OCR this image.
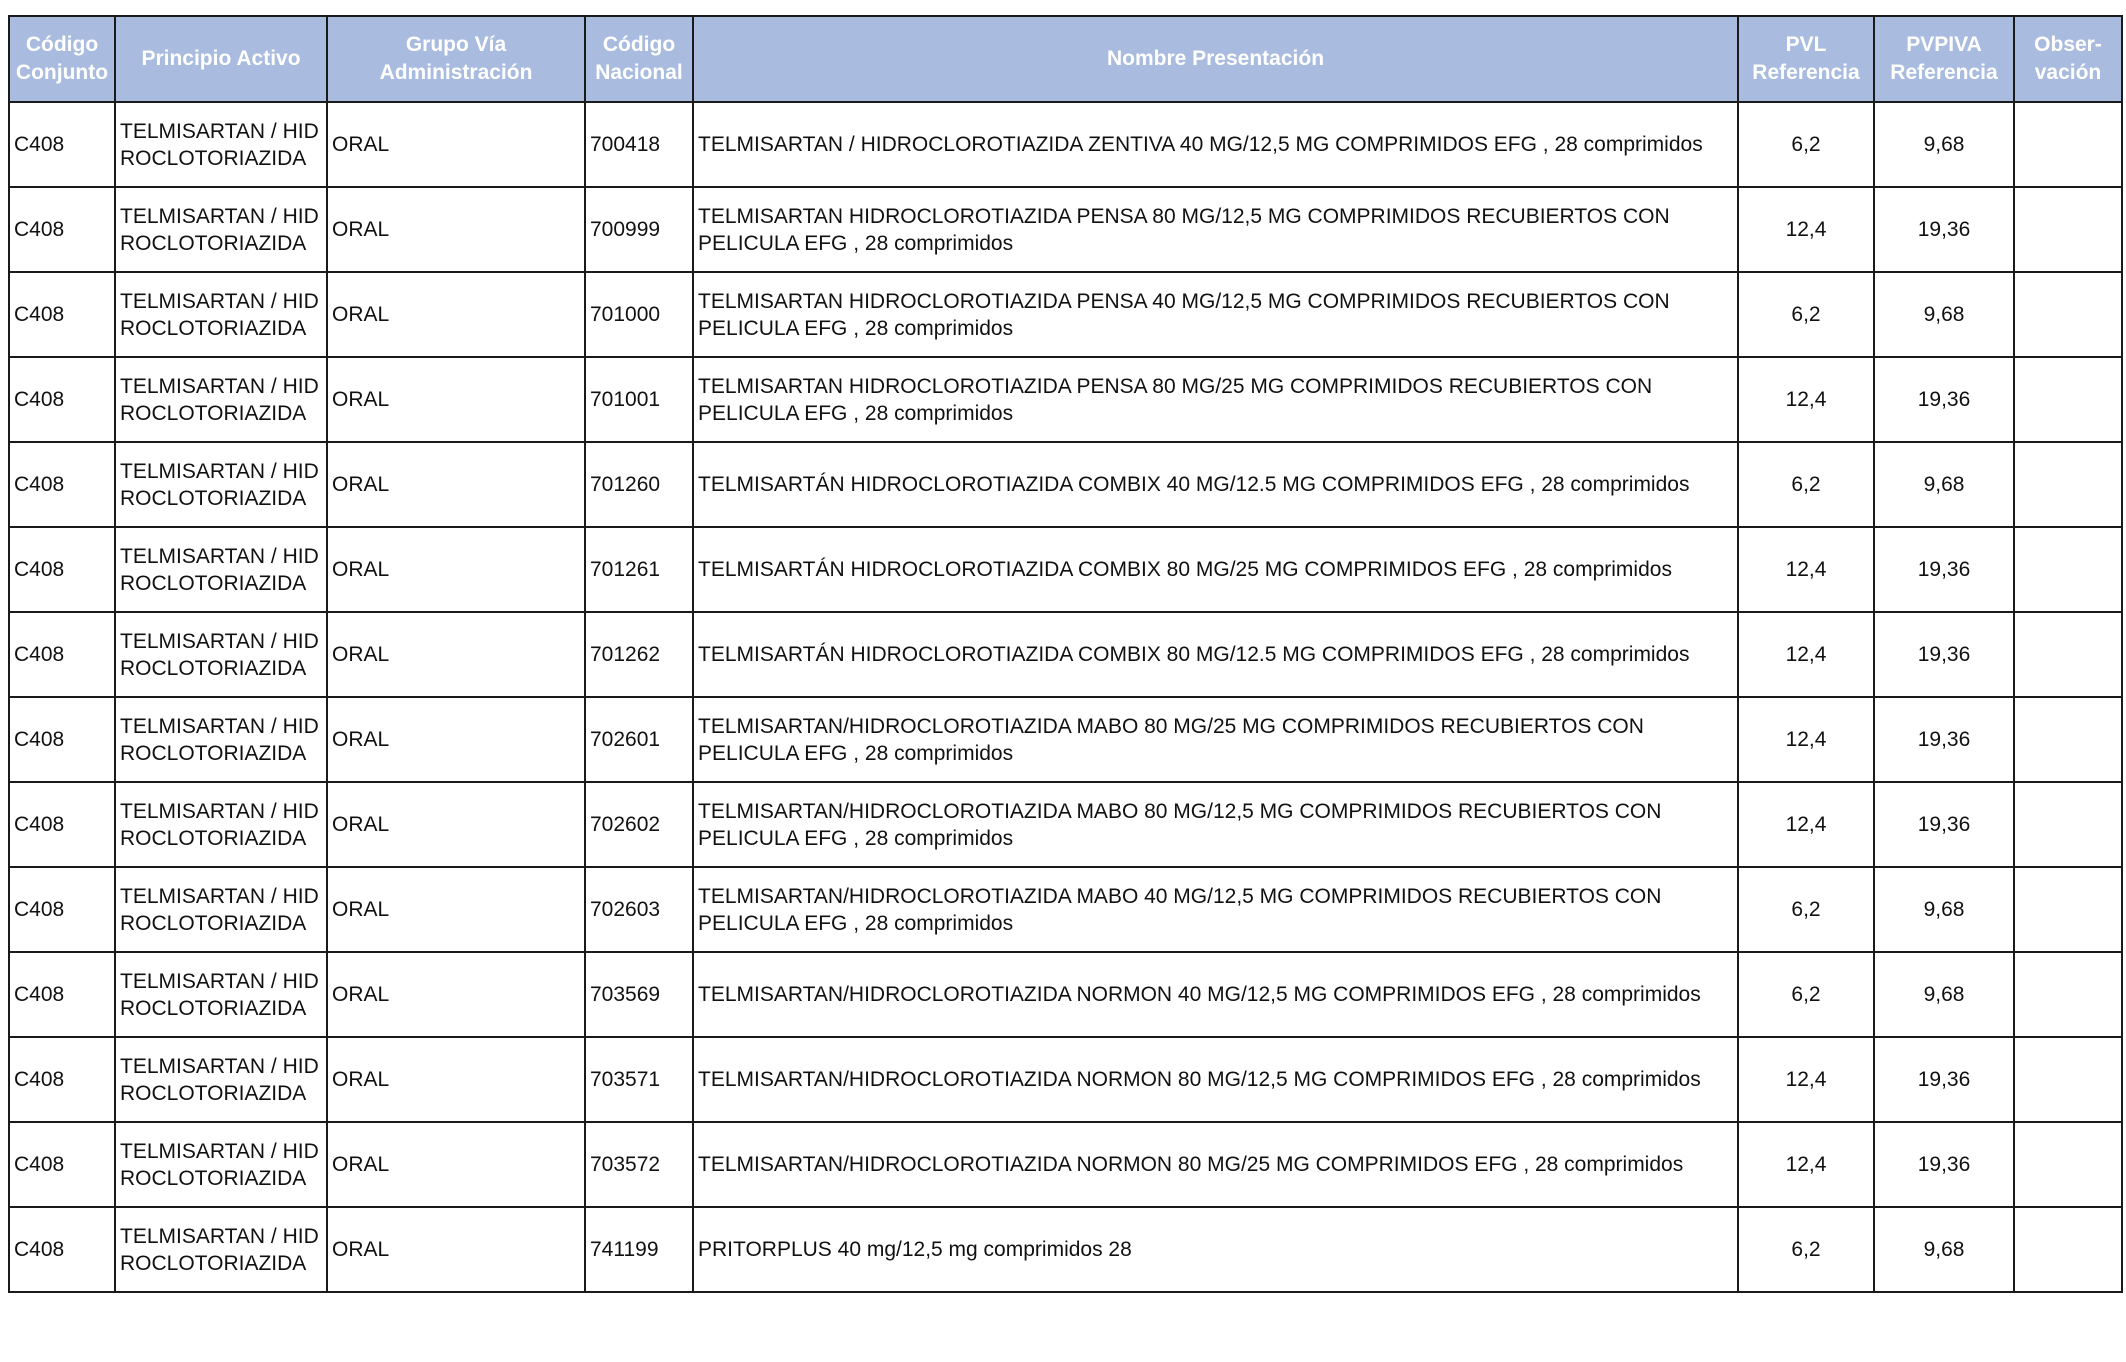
Código Conjunto	Principio Activo	Grupo Vía Administración	Código Nacional	Nombre Presentación	PVL Referencia	PVPIVA Referencia	Obser-vación
C408	TELMISARTAN / HIDROCLOTORIAZIDA	ORAL	700418	TELMISARTAN / HIDROCLOROTIAZIDA ZENTIVA 40 MG/12,5 MG COMPRIMIDOS EFG , 28 comprimidos	6,2	9,68	
C408	TELMISARTAN / HIDROCLOTORIAZIDA	ORAL	700999	TELMISARTAN HIDROCLOROTIAZIDA PENSA 80 MG/12,5 MG COMPRIMIDOS RECUBIERTOS CON PELICULA EFG , 28 comprimidos	12,4	19,36	
C408	TELMISARTAN / HIDROCLOTORIAZIDA	ORAL	701000	TELMISARTAN HIDROCLOROTIAZIDA PENSA 40 MG/12,5 MG COMPRIMIDOS RECUBIERTOS CON PELICULA EFG , 28 comprimidos	6,2	9,68	
C408	TELMISARTAN / HIDROCLOTORIAZIDA	ORAL	701001	TELMISARTAN HIDROCLOROTIAZIDA PENSA 80 MG/25 MG COMPRIMIDOS RECUBIERTOS CON PELICULA EFG , 28 comprimidos	12,4	19,36	
C408	TELMISARTAN / HIDROCLOTORIAZIDA	ORAL	701260	TELMISARTÁN HIDROCLOROTIAZIDA COMBIX 40 MG/12.5 MG COMPRIMIDOS EFG , 28 comprimidos	6,2	9,68	
C408	TELMISARTAN / HIDROCLOTORIAZIDA	ORAL	701261	TELMISARTÁN HIDROCLOROTIAZIDA COMBIX 80 MG/25 MG COMPRIMIDOS EFG , 28 comprimidos	12,4	19,36	
C408	TELMISARTAN / HIDROCLOTORIAZIDA	ORAL	701262	TELMISARTÁN HIDROCLOROTIAZIDA COMBIX 80 MG/12.5 MG COMPRIMIDOS EFG , 28 comprimidos	12,4	19,36	
C408	TELMISARTAN / HIDROCLOTORIAZIDA	ORAL	702601	TELMISARTAN/HIDROCLOROTIAZIDA MABO 80 MG/25 MG COMPRIMIDOS RECUBIERTOS CON PELICULA EFG , 28 comprimidos	12,4	19,36	
C408	TELMISARTAN / HIDROCLOTORIAZIDA	ORAL	702602	TELMISARTAN/HIDROCLOROTIAZIDA MABO 80 MG/12,5 MG COMPRIMIDOS RECUBIERTOS CON PELICULA EFG , 28 comprimidos	12,4	19,36	
C408	TELMISARTAN / HIDROCLOTORIAZIDA	ORAL	702603	TELMISARTAN/HIDROCLOROTIAZIDA MABO 40 MG/12,5 MG COMPRIMIDOS RECUBIERTOS CON PELICULA EFG , 28 comprimidos	6,2	9,68	
C408	TELMISARTAN / HIDROCLOTORIAZIDA	ORAL	703569	TELMISARTAN/HIDROCLOROTIAZIDA NORMON 40 MG/12,5 MG COMPRIMIDOS EFG , 28 comprimidos	6,2	9,68	
C408	TELMISARTAN / HIDROCLOTORIAZIDA	ORAL	703571	TELMISARTAN/HIDROCLOROTIAZIDA NORMON 80 MG/12,5 MG COMPRIMIDOS EFG , 28 comprimidos	12,4	19,36	
C408	TELMISARTAN / HIDROCLOTORIAZIDA	ORAL	703572	TELMISARTAN/HIDROCLOROTIAZIDA NORMON 80 MG/25 MG COMPRIMIDOS EFG , 28 comprimidos	12,4	19,36	
C408	TELMISARTAN / HIDROCLOTORIAZIDA	ORAL	741199	PRITORPLUS 40 mg/12,5 mg comprimidos 28	6,2	9,68	
